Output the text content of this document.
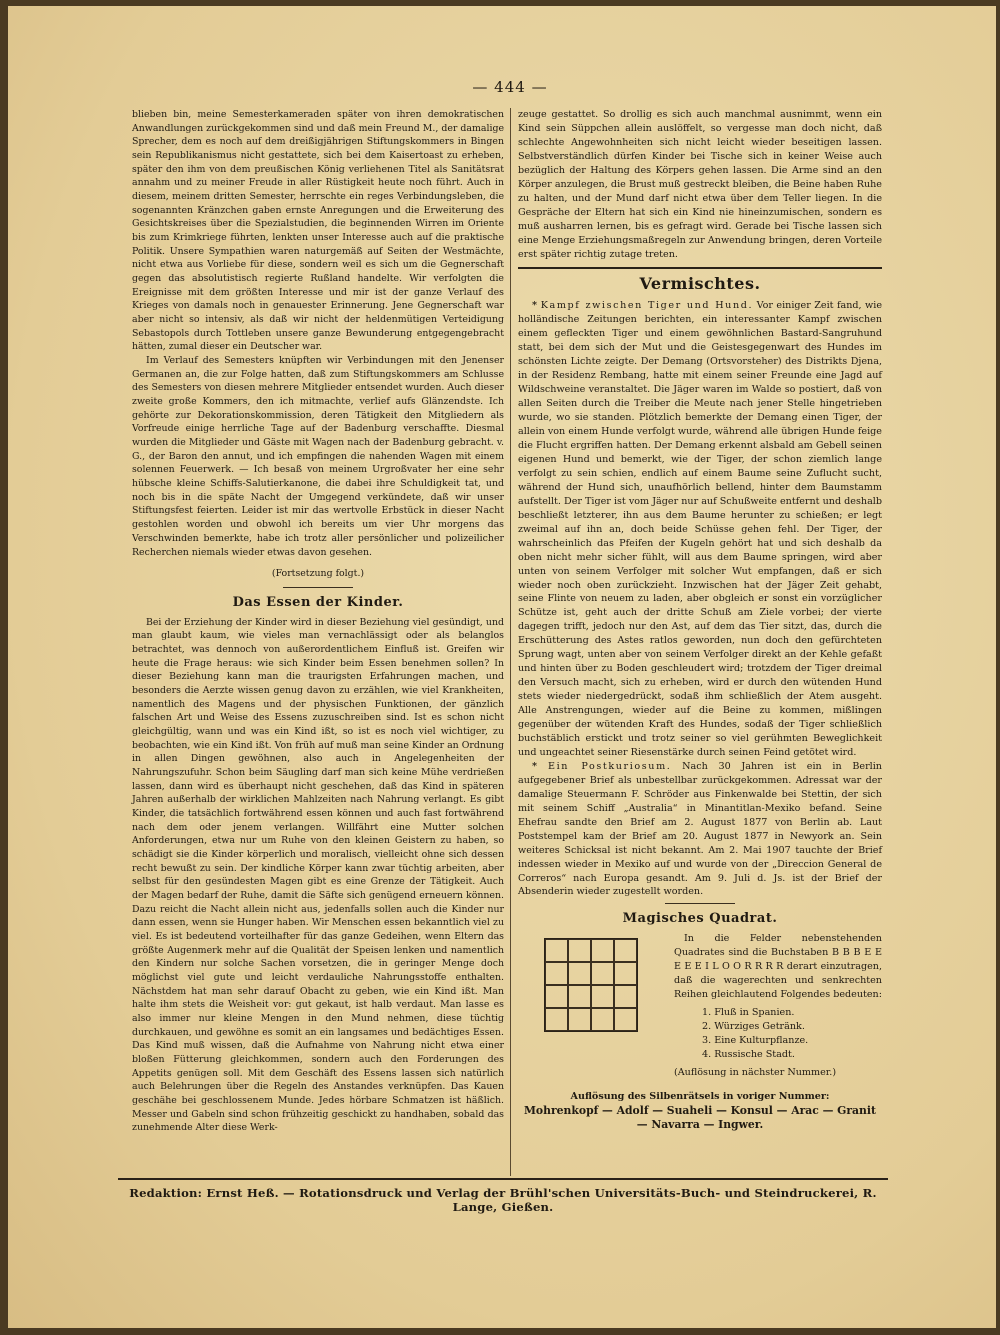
— 444 —

blieben bin, meine Semesterkameraden später von ihren demokratischen Anwandlungen zurückgekommen sind und daß mein Freund M., der damalige Sprecher, dem es noch auf dem dreißigjährigen Stiftungskommers in Bingen sein Republikanismus nicht gestattete, sich bei dem Kaisertoast zu erheben, später den ihm von dem preußischen König verliehenen Titel als Sanitätsrat annahm und zu meiner Freude in aller Rüstigkeit heute noch führt. Auch in diesem, meinem dritten Semester, herrschte ein reges Verbindungsleben, die sogenannten Kränzchen gaben ernste Anregungen und die Erweiterung des Gesichtskreises über die Spezialstudien, die beginnenden Wirren im Oriente bis zum Krimkriege führten, lenkten unser Interesse auch auf die praktische Politik. Unsere Sympathien waren naturgemäß auf Seiten der Westmächte, nicht etwa aus Vorliebe für diese, sondern weil es sich um die Gegnerschaft gegen das absolutistisch regierte Rußland handelte. Wir verfolgten die Ereignisse mit dem größten Interesse und mir ist der ganze Verlauf des Krieges von damals noch in genauester Erinnerung. Jene Gegnerschaft war aber nicht so intensiv, als daß wir nicht der heldenmütigen Verteidigung Sebastopols durch Tottleben unsere ganze Bewunderung entgegengebracht hätten, zumal dieser ein Deutscher war.

Im Verlauf des Semesters knüpften wir Verbindungen mit den Jenenser Germanen an, die zur Folge hatten, daß zum Stiftungskommers am Schlusse des Semesters von diesen mehrere Mitglieder entsendet wurden. Auch dieser zweite große Kommers, den ich mitmachte, verlief aufs Glänzendste. Ich gehörte zur Dekorationskommission, deren Tätigkeit den Mitgliedern als Vorfreude einige herrliche Tage auf der Badenburg verschaffte. Diesmal wurden die Mitglieder und Gäste mit Wagen nach der Badenburg gebracht. v. G., der Baron den annut, und ich empfingen die nahenden Wagen mit einem solennen Feuerwerk. — Ich besaß von meinem Urgroßvater her eine sehr hübsche kleine Schiffs-Salutierkanone, die dabei ihre Schuldigkeit tat, und noch bis in die späte Nacht der Umgegend verkündete, daß wir unser Stiftungsfest feierten. Leider ist mir das wertvolle Erbstück in dieser Nacht gestohlen worden und obwohl ich bereits um vier Uhr morgens das Verschwinden bemerkte, habe ich trotz aller persönlicher und polizeilicher Recherchen niemals wieder etwas davon gesehen.

(Fortsetzung folgt.)

Das Essen der Kinder.

Bei der Erziehung der Kinder wird in dieser Beziehung viel gesündigt, und man glaubt kaum, wie vieles man vernachlässigt oder als belanglos betrachtet, was dennoch von außerordentlichem Einfluß ist. Greifen wir heute die Frage heraus: wie sich Kinder beim Essen benehmen sollen? In dieser Beziehung kann man die traurigsten Erfahrungen machen, und besonders die Aerzte wissen genug davon zu erzählen, wie viel Krankheiten, namentlich des Magens und der physischen Funktionen, der gänzlich falschen Art und Weise des Essens zuzuschreiben sind. Ist es schon nicht gleichgültig, wann und was ein Kind ißt, so ist es noch viel wichtiger, zu beobachten, wie ein Kind ißt. Von früh auf muß man seine Kinder an Ordnung in allen Dingen gewöhnen, also auch in Angelegenheiten der Nahrungszufuhr. Schon beim Säugling darf man sich keine Mühe verdrießen lassen, dann wird es überhaupt nicht geschehen, daß das Kind in späteren Jahren außerhalb der wirklichen Mahlzeiten nach Nahrung verlangt. Es gibt Kinder, die tatsächlich fortwährend essen können und auch fast fortwährend nach dem oder jenem verlangen. Willfährt eine Mutter solchen Anforderungen, etwa nur um Ruhe von den kleinen Geistern zu haben, so schädigt sie die Kinder körperlich und moralisch, vielleicht ohne sich dessen recht bewußt zu sein. Der kindliche Körper kann zwar tüchtig arbeiten, aber selbst für den gesündesten Magen gibt es eine Grenze der Tätigkeit. Auch der Magen bedarf der Ruhe, damit die Säfte sich genügend erneuern können. Dazu reicht die Nacht allein nicht aus, jedenfalls sollen auch die Kinder nur dann essen, wenn sie Hunger haben. Wir Menschen essen bekanntlich viel zu viel. Es ist bedeutend vorteilhafter für das ganze Gedeihen, wenn Eltern das größte Augenmerk mehr auf die Qualität der Speisen lenken und namentlich den Kindern nur solche Sachen vorsetzen, die in geringer Menge doch möglichst viel gute und leicht verdauliche Nahrungsstoffe enthalten. Nächstdem hat man sehr darauf Obacht zu geben, wie ein Kind ißt. Man halte ihm stets die Weisheit vor: gut gekaut, ist halb verdaut. Man lasse es also immer nur kleine Mengen in den Mund nehmen, diese tüchtig durchkauen, und gewöhne es somit an ein langsames und bedächtiges Essen. Das Kind muß wissen, daß die Aufnahme von Nahrung nicht etwa einer bloßen Fütterung gleichkommen, sondern auch den Forderungen des Appetits genügen soll. Mit dem Geschäft des Essens lassen sich natürlich auch Belehrungen über die Regeln des Anstandes verknüpfen. Das Kauen geschähe bei geschlossenem Munde. Jedes hörbare Schmatzen ist häßlich. Messer und Gabeln sind schon frühzeitig geschickt zu handhaben, sobald das zunehmende Alter diese Werk-

zeuge gestattet. So drollig es sich auch manchmal ausnimmt, wenn ein Kind sein Süppchen allein auslöffelt, so vergesse man doch nicht, daß schlechte Angewohnheiten sich nicht leicht wieder beseitigen lassen. Selbstverständlich dürfen Kinder bei Tische sich in keiner Weise auch bezüglich der Haltung des Körpers gehen lassen. Die Arme sind an den Körper anzulegen, die Brust muß gestreckt bleiben, die Beine haben Ruhe zu halten, und der Mund darf nicht etwa über dem Teller liegen. In die Gespräche der Eltern hat sich ein Kind nie hineinzumischen, sondern es muß ausharren lernen, bis es gefragt wird. Gerade bei Tische lassen sich eine Menge Erziehungsmaßregeln zur Anwendung bringen, deren Vorteile erst später richtig zutage treten.

Vermischtes.

* Kampf zwischen Tiger und Hund. Vor einiger Zeit fand, wie holländische Zeitungen berichten, ein interessanter Kampf zwischen einem gefleckten Tiger und einem gewöhnlichen Bastard-Sangruhund statt, bei dem sich der Mut und die Geistesgegenwart des Hundes im schönsten Lichte zeigte. Der Demang (Ortsvorsteher) des Distrikts Djena, in der Residenz Rembang, hatte mit einem seiner Freunde eine Jagd auf Wildschweine veranstaltet. Die Jäger waren im Walde so postiert, daß von allen Seiten durch die Treiber die Meute nach jener Stelle hingetrieben wurde, wo sie standen. Plötzlich bemerkte der Demang einen Tiger, der allein von einem Hunde verfolgt wurde, während alle übrigen Hunde feige die Flucht ergriffen hatten. Der Demang erkennt alsbald am Gebell seinen eigenen Hund und bemerkt, wie der Tiger, der schon ziemlich lange verfolgt zu sein schien, endlich auf einem Baume seine Zuflucht sucht, während der Hund sich, unaufhörlich bellend, hinter dem Baumstamm aufstellt. Der Tiger ist vom Jäger nur auf Schußweite entfernt und deshalb beschließt letzterer, ihn aus dem Baume herunter zu schießen; er legt zweimal auf ihn an, doch beide Schüsse gehen fehl. Der Tiger, der wahrscheinlich das Pfeifen der Kugeln gehört hat und sich deshalb da oben nicht mehr sicher fühlt, will aus dem Baume springen, wird aber unten von seinem Verfolger mit solcher Wut empfangen, daß er sich wieder noch oben zurückzieht. Inzwischen hat der Jäger Zeit gehabt, seine Flinte von neuem zu laden, aber obgleich er sonst ein vorzüglicher Schütze ist, geht auch der dritte Schuß am Ziele vorbei; der vierte dagegen trifft, jedoch nur den Ast, auf dem das Tier sitzt, das, durch die Erschütterung des Astes ratlos geworden, nun doch den gefürchteten Sprung wagt, unten aber von seinem Verfolger direkt an der Kehle gefaßt und hinten über zu Boden geschleudert wird; trotzdem der Tiger dreimal den Versuch macht, sich zu erheben, wird er durch den wütenden Hund stets wieder niedergedrückt, sodaß ihm schließlich der Atem ausgeht. Alle Anstrengungen, wieder auf die Beine zu kommen, mißlingen gegenüber der wütenden Kraft des Hundes, sodaß der Tiger schließlich buchstäblich erstickt und trotz seiner so viel gerühmten Beweglichkeit und ungeachtet seiner Riesenstärke durch seinen Feind getötet wird.

* Ein Postkuriosum. Nach 30 Jahren ist ein in Berlin aufgegebener Brief als unbestellbar zurückgekommen. Adressat war der damalige Steuermann F. Schröder aus Finkenwalde bei Stettin, der sich mit seinem Schiff „Australia“ in Minantitlan-Mexiko befand. Seine Ehefrau sandte den Brief am 2. August 1877 von Berlin ab. Laut Poststempel kam der Brief am 20. August 1877 in Newyork an. Sein weiteres Schicksal ist nicht bekannt. Am 2. Mai 1907 tauchte der Brief indessen wieder in Mexiko auf und wurde von der „Direccion General de Correros“ nach Europa gesandt. Am 9. Juli d. Js. ist der Brief der Absenderin wieder zugestellt worden.

Magisches Quadrat.

In die Felder nebenstehenden Quadrates sind die Buchstaben B B B E E E E E I L O O R R R R derart einzutragen, daß die wagerechten und senkrechten Reihen gleichlautend Folgendes bedeuten:

1. Fluß in Spanien.
2. Würziges Getränk.
3. Eine Kulturpflanze.
4. Russische Stadt.

(Auflösung in nächster Nummer.)

Auflösung des Silbenrätsels in voriger Nummer:

Mohrenkopf — Adolf — Suaheli — Konsul — Arac — Granit

— Navarra — Ingwer.

Redaktion: Ernst Heß. — Rotationsdruck und Verlag der Brühl'schen Universitäts-Buch- und Steindruckerei, R. Lange, Gießen.
